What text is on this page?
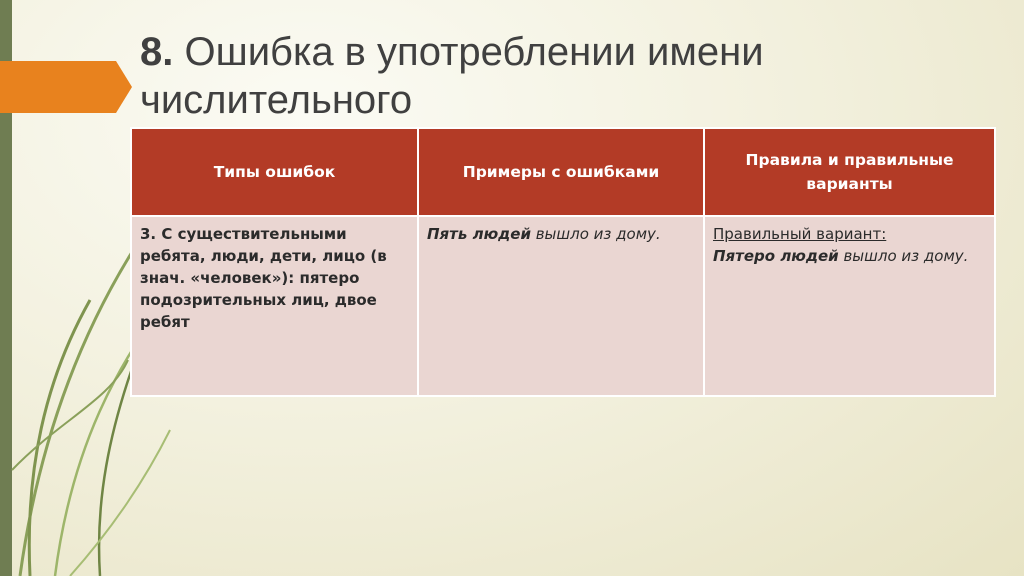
8. Ошибка в употреблении имени числительного
Типы ошибок	Примеры с ошибками	Правила и правильные варианты
3. С существительными ребята, люди, дети, лицо (в знач. «человек»): пятеро подозрительных лиц, двое ребят	Пять людей вышло из дому.	Правильный вариант:
Пятеро людей вышло из дому.
